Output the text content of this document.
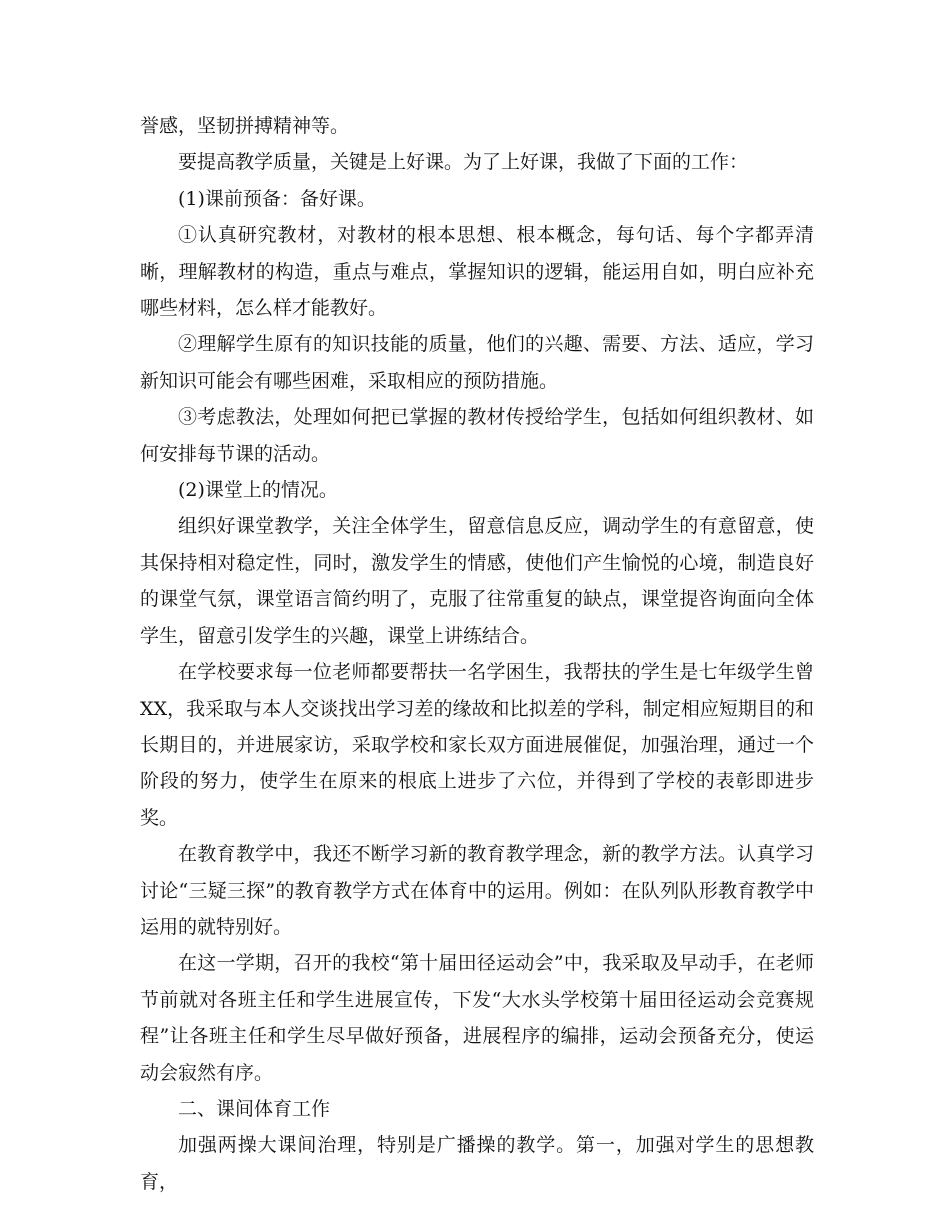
誉感，坚韧拼搏精神等。

要提高教学质量，关键是上好课。为了上好课，我做了下面的工作：

(1)课前预备：备好课。

①认真研究教材，对教材的根本思想、根本概念，每句话、每个字都弄清晰，理解教材的构造，重点与难点，掌握知识的逻辑，能运用自如，明白应补充哪些材料，怎么样才能教好。

②理解学生原有的知识技能的质量，他们的兴趣、需要、方法、适应，学习新知识可能会有哪些困难，采取相应的预防措施。

③考虑教法，处理如何把已掌握的教材传授给学生，包括如何组织教材、如何安排每节课的活动。

(2)课堂上的情况。

组织好课堂教学，关注全体学生，留意信息反应，调动学生的有意留意，使其保持相对稳定性，同时，激发学生的情感，使他们产生愉悦的心境，制造良好的课堂气氛，课堂语言简约明了，克服了往常重复的缺点，课堂提咨询面向全体学生，留意引发学生的兴趣，课堂上讲练结合。

在学校要求每一位老师都要帮扶一名学困生，我帮扶的学生是七年级学生曾XX，我采取与本人交谈找出学习差的缘故和比拟差的学科，制定相应短期目的和长期目的，并进展家访，采取学校和家长双方面进展催促，加强治理，通过一个阶段的努力，使学生在原来的根底上进步了六位，并得到了学校的表彰即进步奖。

在教育教学中，我还不断学习新的教育教学理念，新的教学方法。认真学习讨论“三疑三探”的教育教学方式在体育中的运用。例如：在队列队形教育教学中运用的就特别好。

在这一学期，召开的我校“第十届田径运动会”中，我采取及早动手，在老师节前就对各班主任和学生进展宣传，下发“大水头学校第十届田径运动会竞赛规程”让各班主任和学生尽早做好预备，进展程序的编排，运动会预备充分，使运动会寂然有序。

二、课间体育工作

加强两操大课间治理，特别是广播操的教学。第一，加强对学生的思想教育，
